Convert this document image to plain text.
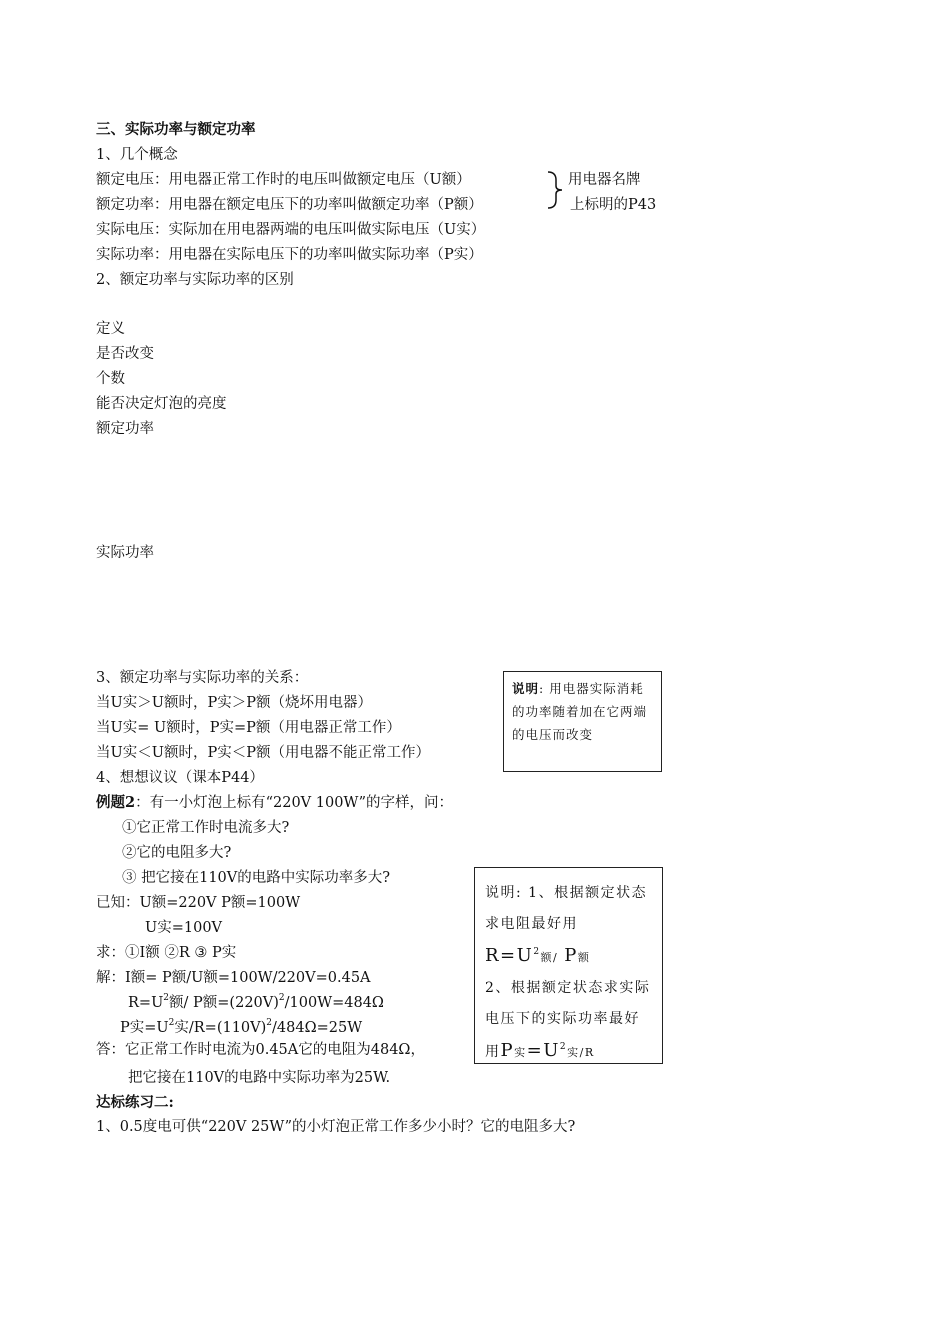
三、实际功率与额定功率
1、几个概念
额定电压：用电器正常工作时的电压叫做额定电压（U额）
额定功率：用电器在额定电压下的功率叫做额定功率（P额）
实际电压：实际加在用电器两端的电压叫做实际电压（U实）
实际功率：用电器在实际电压下的功率叫做实际功率（P实）
用电器名牌
上标明的P43
2、额定功率与实际功率的区别
定义
是否改变
个数
能否决定灯泡的亮度
额定功率
实际功率
3、额定功率与实际功率的关系：
当U实＞U额时，P实＞P额（烧坏用电器）
当U实= U额时，P实=P额（用电器正常工作）
当U实＜U额时，P实＜P额（用电器不能正常工作）
说明: 用电器实际消耗的功率随着加在它两端的电压而改变
4、想想议议（课本P44）
例题2：有一小灯泡上标有“220V 100W”的字样，问：
①它正常工作时电流多大?
②它的电阻多大?
③ 把它接在110V的电路中实际功率多大?
已知：U额=220V P额=100W
U实=100V
求：①I额 ②R ③ P实
解：I额= P额/U额=100W/220V=0.45A
$R=U^2$额/ P额$=(220V)^2/100W=484\Omega$
P实$=U^2$实$/R=(110V)^2/484\Omega=25W$
答：它正常工作时电流为0.45A它的电阻为484Ω，
把它接在110V的电路中实际功率为25W.
说明: 1、根据额定状态求电阻最好用
$R=U^2$额/ P额
2、根据额定状态求实际电压下的实际功率最好用P实$=U^2$实/R
达标练习二:
1、0.5度电可供“220V 25W”的小灯泡正常工作多少小时？它的电阻多大?
